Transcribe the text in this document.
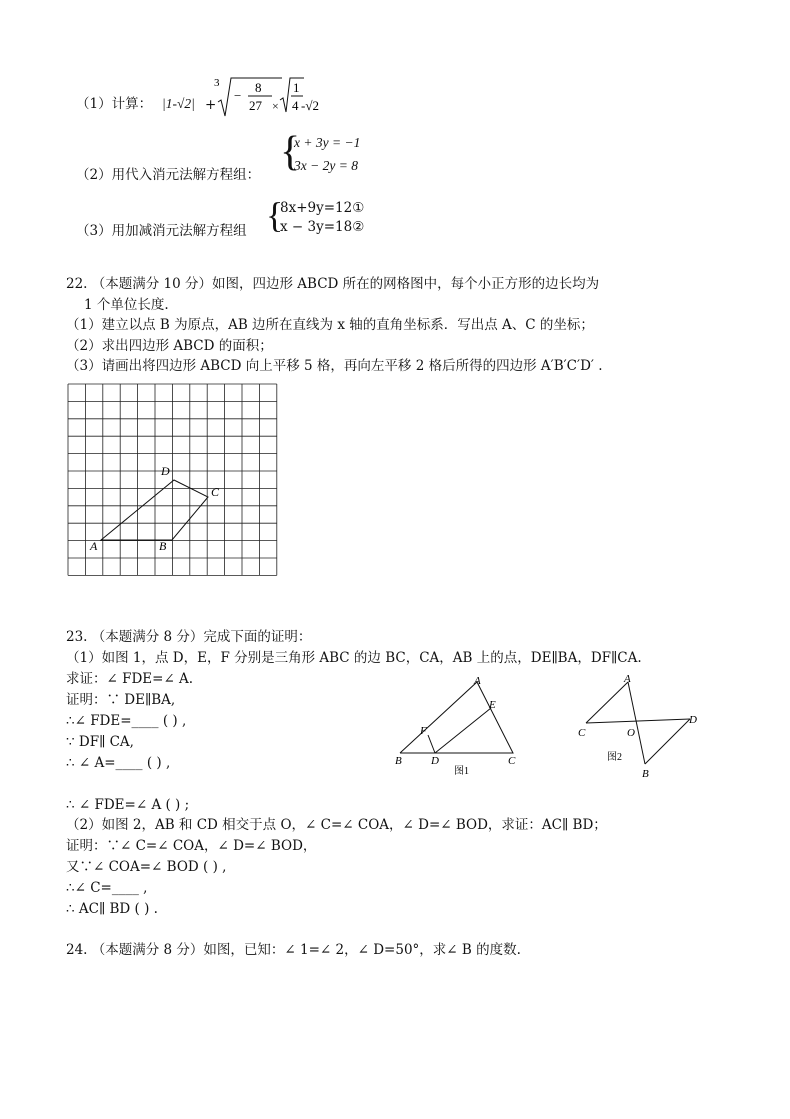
（1）计算： |1-√2| +
3
−
8
27 ×
1
4 -√2
（2）用代入消元法解方程组： {
x + 3y = −1
3x − 2y = 8
（3）用加减消元法解方程组 {
8x+9y=12①
x − 3y=18②
22. （本题满分 10 分）如图，四边形 ABCD 所在的网格图中，每个小正方形的边长均为
1 个单位长度.
（1）建立以点 B 为原点，AB 边所在直线为 x 轴的直角坐标系．写出点 A、C 的坐标；
（2）求出四边形 ABCD 的面积；
（3）请画出将四边形 ABCD 向上平移 5 格，再向左平移 2 格后所得的四边形 A′B′C′D′ .
D
C
A	B
23. （本题满分 8 分）完成下面的证明：
（1）如图 1，点 D，E，F 分别是三角形 ABC 的边 BC，CA，AB 上的点，DE∥BA，DF∥CA.
求证：∠ FDE=∠ A.
证明：∵ DE∥BA,
∴∠ FDE=____ ( ) ,
∵ DF∥ CA,
∴ ∠ A=____ ( ) ,
∴ ∠ FDE=∠ A ( ) ;
（2）如图 2，AB 和 CD 相交于点 O，∠ C=∠ COA，∠ D=∠ BOD，求证：AC∥ BD；
证明：∵∠ C=∠ COA，∠ D=∠ BOD，
又∵∠ COA=∠ BOD ( ) ,
∴∠ C=____ ,
∴ AC∥ BD ( ) .
A
E
F
B	D	C
图1
A
C	O
D
B
图2
24. （本题满分 8 分）如图，已知：∠ 1=∠ 2，∠ D=50°，求∠ B 的度数.
